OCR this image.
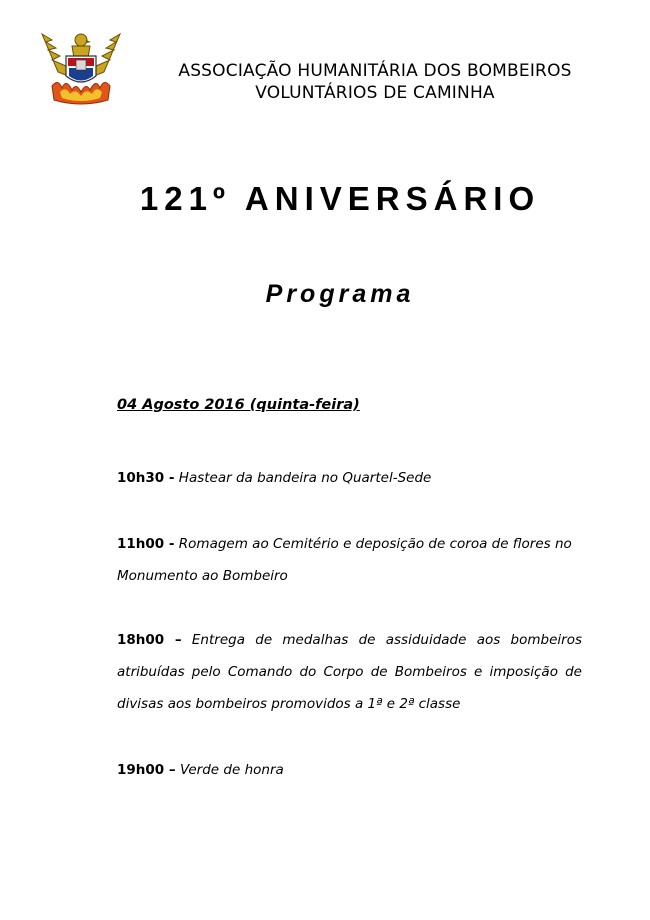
ASSOCIAÇÃO HUMANITÁRIA DOS BOMBEIROS
VOLUNTÁRIOS DE CAMINHA
121º ANIVERSÁRIO
Programa
04 Agosto 2016 (quinta-feira)
10h30 - Hastear da bandeira no Quartel-Sede
11h00 - Romagem ao Cemitério e deposição de coroa de flores no Monumento ao Bombeiro
18h00 – Entrega de medalhas de assiduidade aos bombeiros atribuídas pelo Comando do Corpo de Bombeiros e imposição de divisas aos bombeiros promovidos a 1ª e 2ª classe
19h00 – Verde de honra
